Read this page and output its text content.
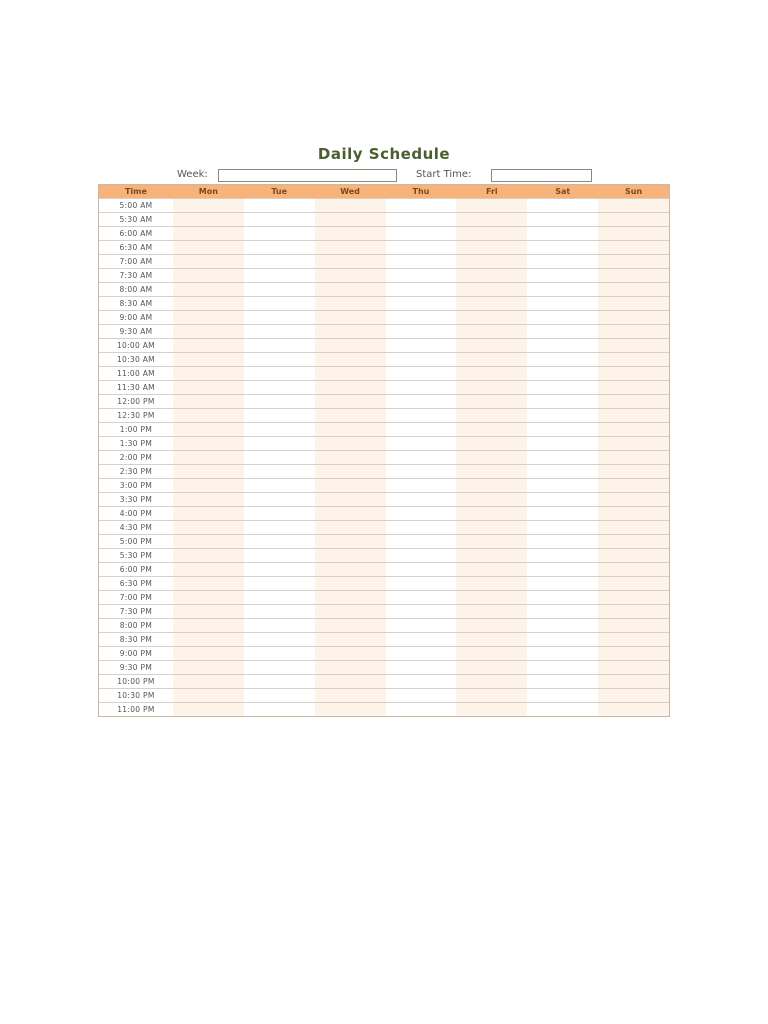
Daily Schedule
Week:	Start Time:
Time	Mon	Tue	Wed	Thu	Fri	Sat	Sun
5:00 AM
5:30 AM
6:00 AM
6:30 AM
7:00 AM
7:30 AM
8:00 AM
8:30 AM
9:00 AM
9:30 AM
10:00 AM
10:30 AM
11:00 AM
11:30 AM
12:00 PM
12:30 PM
1:00 PM
1:30 PM
2:00 PM
2:30 PM
3:00 PM
3:30 PM
4:00 PM
4:30 PM
5:00 PM
5:30 PM
6:00 PM
6:30 PM
7:00 PM
7:30 PM
8:00 PM
8:30 PM
9:00 PM
9:30 PM
10:00 PM
10:30 PM
11:00 PM
